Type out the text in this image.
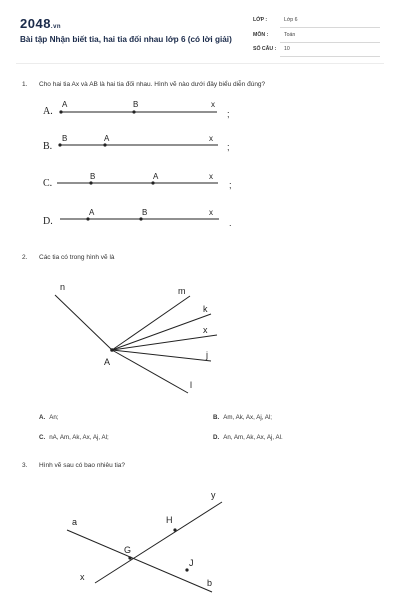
2048.vn
Bài tập Nhận biết tia, hai tia đối nhau lớp 6 (có lời giải)
LỚP :	Lớp 6
MÔN :	Toán
SỐ CÂU : 10
1. Cho hai tia Ax và AB là hai tia đối nhau. Hình vẽ nào dưới đây biểu diễn đúng?
A.
B.
C.
D.
A	B	x
;
B	A	x
;
B	A	x
;
A	B	x
.
A
n	m
k
x
j
l
a
b
x
y
G
H
J
2. Các tia có trong hình vẽ là
A. An;	B. Am, Ak, Ax, Aj, Al;
C. nA, Am, Ak, Ax, Aj, Al;	D. An, Am, Ak, Ax, Aj, Al.
3. Hình vẽ sau có bao nhiêu tia?
